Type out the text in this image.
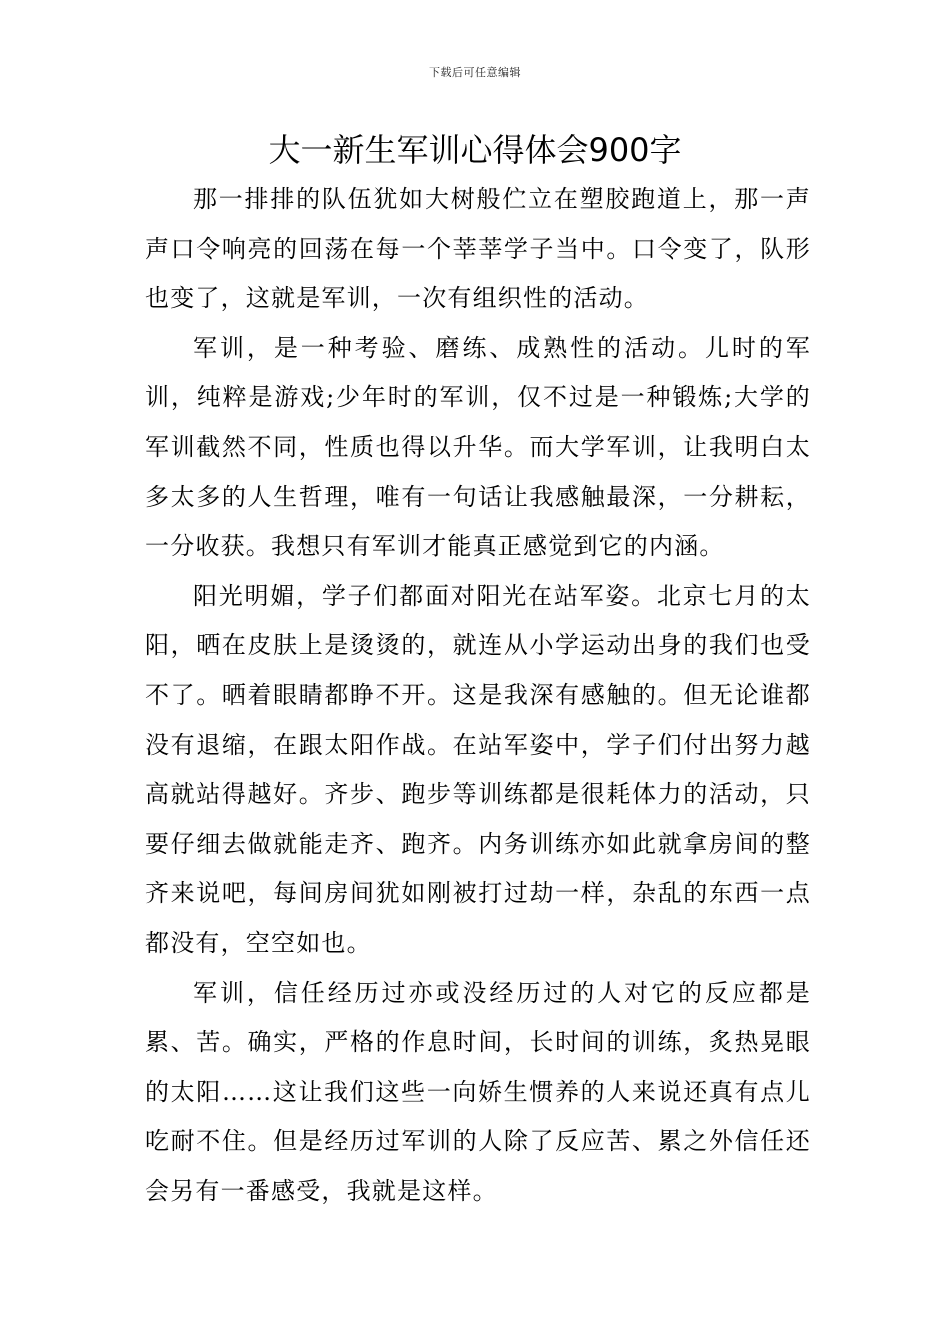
下载后可任意编辑
大一新生军训心得体会900字

那一排排的队伍犹如大树般伫立在塑胶跑道上，那一声声口令响亮的回荡在每一个莘莘学子当中。口令变了，队形也变了，这就是军训，一次有组织性的活动。

军训，是一种考验、磨练、成熟性的活动。儿时的军训，纯粹是游戏;少年时的军训，仅不过是一种锻炼;大学的军训截然不同，性质也得以升华。而大学军训，让我明白太多太多的人生哲理，唯有一句话让我感触最深，一分耕耘，一分收获。我想只有军训才能真正感觉到它的内涵。

阳光明媚，学子们都面对阳光在站军姿。北京七月的太阳，晒在皮肤上是烫烫的，就连从小学运动出身的我们也受不了。晒着眼睛都睁不开。这是我深有感触的。但无论谁都没有退缩，在跟太阳作战。在站军姿中，学子们付出努力越高就站得越好。齐步、跑步等训练都是很耗体力的活动，只要仔细去做就能走齐、跑齐。内务训练亦如此就拿房间的整齐来说吧，每间房间犹如刚被打过劫一样，杂乱的东西一点都没有，空空如也。

军训，信任经历过亦或没经历过的人对它的反应都是累、苦。确实，严格的作息时间，长时间的训练，炙热晃眼的太阳……这让我们这些一向娇生惯养的人来说还真有点儿吃耐不住。但是经历过军训的人除了反应苦、累之外信任还会另有一番感受，我就是这样。
